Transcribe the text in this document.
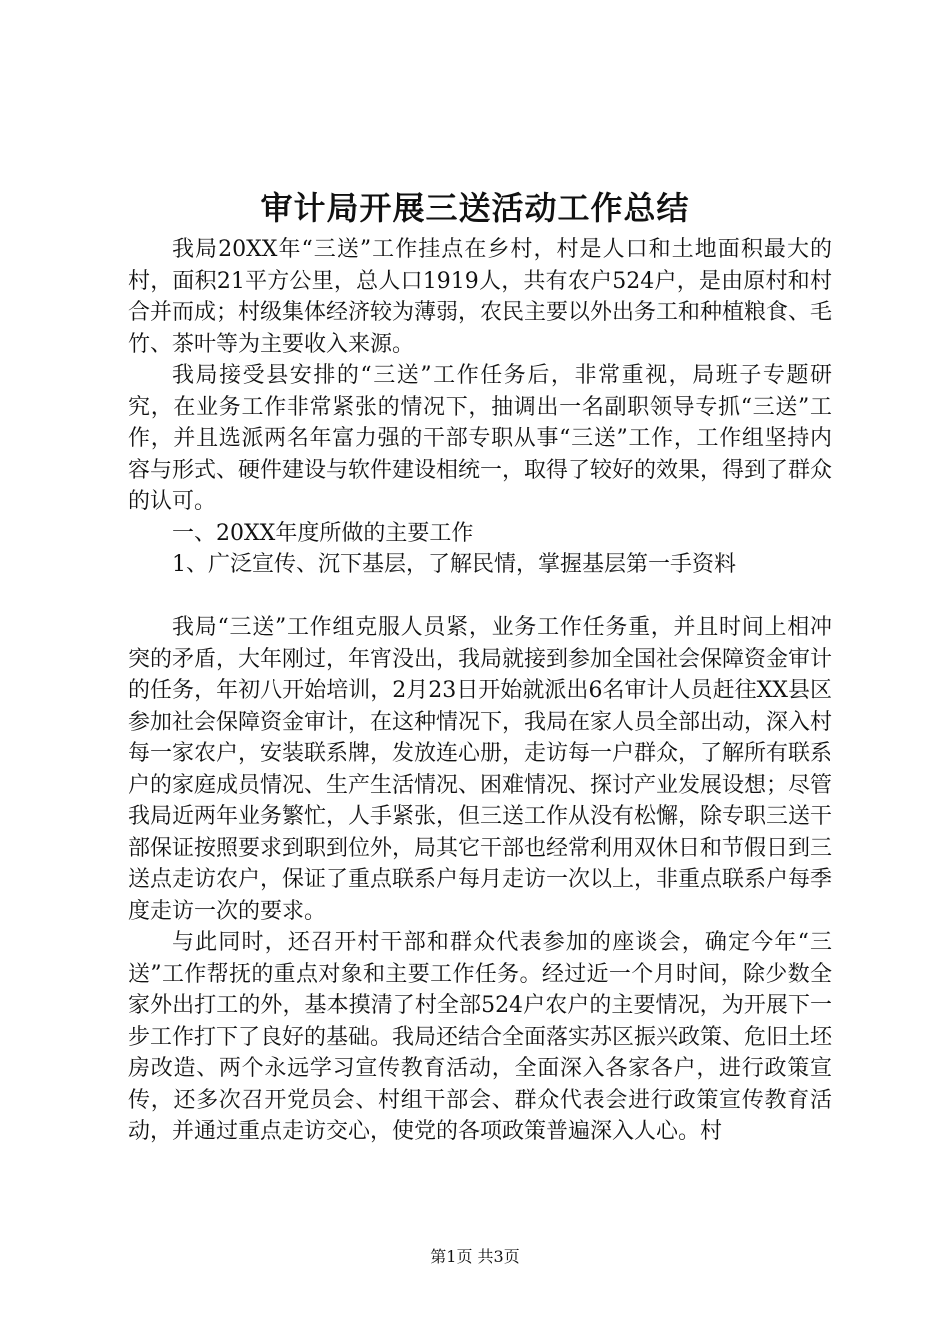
审计局开展三送活动工作总结

我局20XX年“三送”工作挂点在乡村，村是人口和土地面积最大的村，面积21平方公里，总人口1919人，共有农户524户，是由原村和村合并而成；村级集体经济较为薄弱，农民主要以外出务工和种植粮食、毛竹、茶叶等为主要收入来源。

我局接受县安排的“三送”工作任务后，非常重视，局班子专题研究，在业务工作非常紧张的情况下，抽调出一名副职领导专抓“三送”工作，并且选派两名年富力强的干部专职从事“三送”工作，工作组坚持内容与形式、硬件建设与软件建设相统一，取得了较好的效果，得到了群众的认可。

一、20XX年度所做的主要工作

1、广泛宣传、沉下基层，了解民情，掌握基层第一手资料

我局“三送”工作组克服人员紧，业务工作任务重，并且时间上相冲突的矛盾，大年刚过，年宵没出，我局就接到参加全国社会保障资金审计的任务，年初八开始培训，2月23日开始就派出6名审计人员赶往XX县区参加社会保障资金审计，在这种情况下，我局在家人员全部出动，深入村每一家农户，安装联系牌，发放连心册，走访每一户群众，了解所有联系户的家庭成员情况、生产生活情况、困难情况、探讨产业发展设想；尽管我局近两年业务繁忙，人手紧张，但三送工作从没有松懈，除专职三送干部保证按照要求到职到位外，局其它干部也经常利用双休日和节假日到三送点走访农户，保证了重点联系户每月走访一次以上，非重点联系户每季度走访一次的要求。

与此同时，还召开村干部和群众代表参加的座谈会，确定今年“三送”工作帮抚的重点对象和主要工作任务。经过近一个月时间，除少数全家外出打工的外，基本摸清了村全部524户农户的主要情况，为开展下一步工作打下了良好的基础。我局还结合全面落实苏区振兴政策、危旧土坯房改造、两个永远学习宣传教育活动，全面深入各家各户，进行政策宣传，还多次召开党员会、村组干部会、群众代表会进行政策宣传教育活动，并通过重点走访交心，使党的各项政策普遍深入人心。村

第1页 共3页
